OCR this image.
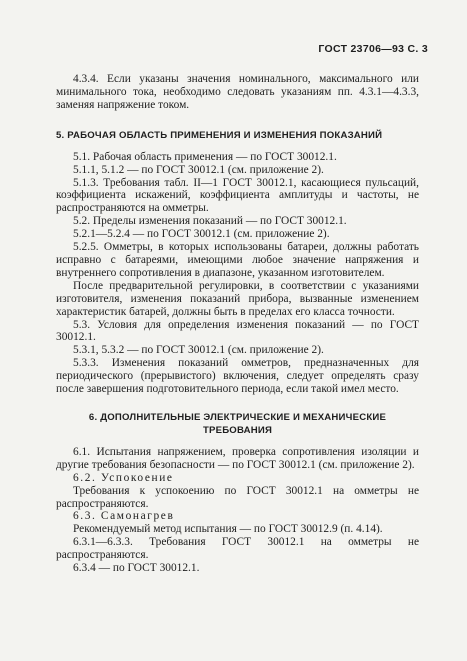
ГОСТ 23706—93 С. 3

4.3.4. Если указаны значения номинального, максимального или минимального тока, необходимо следовать указаниям пп. 4.3.1—4.3.3, заменяя напряжение током.

5. РАБОЧАЯ ОБЛАСТЬ ПРИМЕНЕНИЯ И ИЗМЕНЕНИЯ ПОКАЗАНИЙ

5.1. Рабочая область применения — по ГОСТ 30012.1.

5.1.1, 5.1.2 — по ГОСТ 30012.1 (см. приложение 2).

5.1.3. Требования табл. II—1 ГОСТ 30012.1, касающиеся пульсаций, коэффициента искажений, коэффициента амплитуды и частоты, не распространяются на омметры.

5.2. Пределы изменения показаний — по ГОСТ 30012.1.

5.2.1—5.2.4 — по ГОСТ 30012.1 (см. приложение 2).

5.2.5. Омметры, в которых использованы батареи, должны работать исправно с батареями, имеющими любое значение напряжения и внутреннего сопротивления в диапазоне, указанном изготовителем.

После предварительной регулировки, в соответствии с указаниями изготовителя, изменения показаний прибора, вызванные изменением характеристик батарей, должны быть в пределах его класса точности.

5.3. Условия для определения изменения показаний — по ГОСТ 30012.1.

5.3.1, 5.3.2 — по ГОСТ 30012.1 (см. приложение 2).

5.3.3. Изменения показаний омметров, предназначенных для периодического (прерывистого) включения, следует определять сразу после завершения подготовительного периода, если такой имел место.

6. ДОПОЛНИТЕЛЬНЫЕ ЭЛЕКТРИЧЕСКИЕ И МЕХАНИЧЕСКИЕ ТРЕБОВАНИЯ

6.1. Испытания напряжением, проверка сопротивления изоляции и другие требования безопасности — по ГОСТ 30012.1 (см. приложение 2).

6.2. Успокоение

Требования к успокоению по ГОСТ 30012.1 на омметры не распространяются.

6.3. Самонагрев

Рекомендуемый метод испытания — по ГОСТ 30012.9 (п. 4.14).

6.3.1—6.3.3. Требования ГОСТ 30012.1 на омметры не распространяются.

6.3.4 — по ГОСТ 30012.1.
